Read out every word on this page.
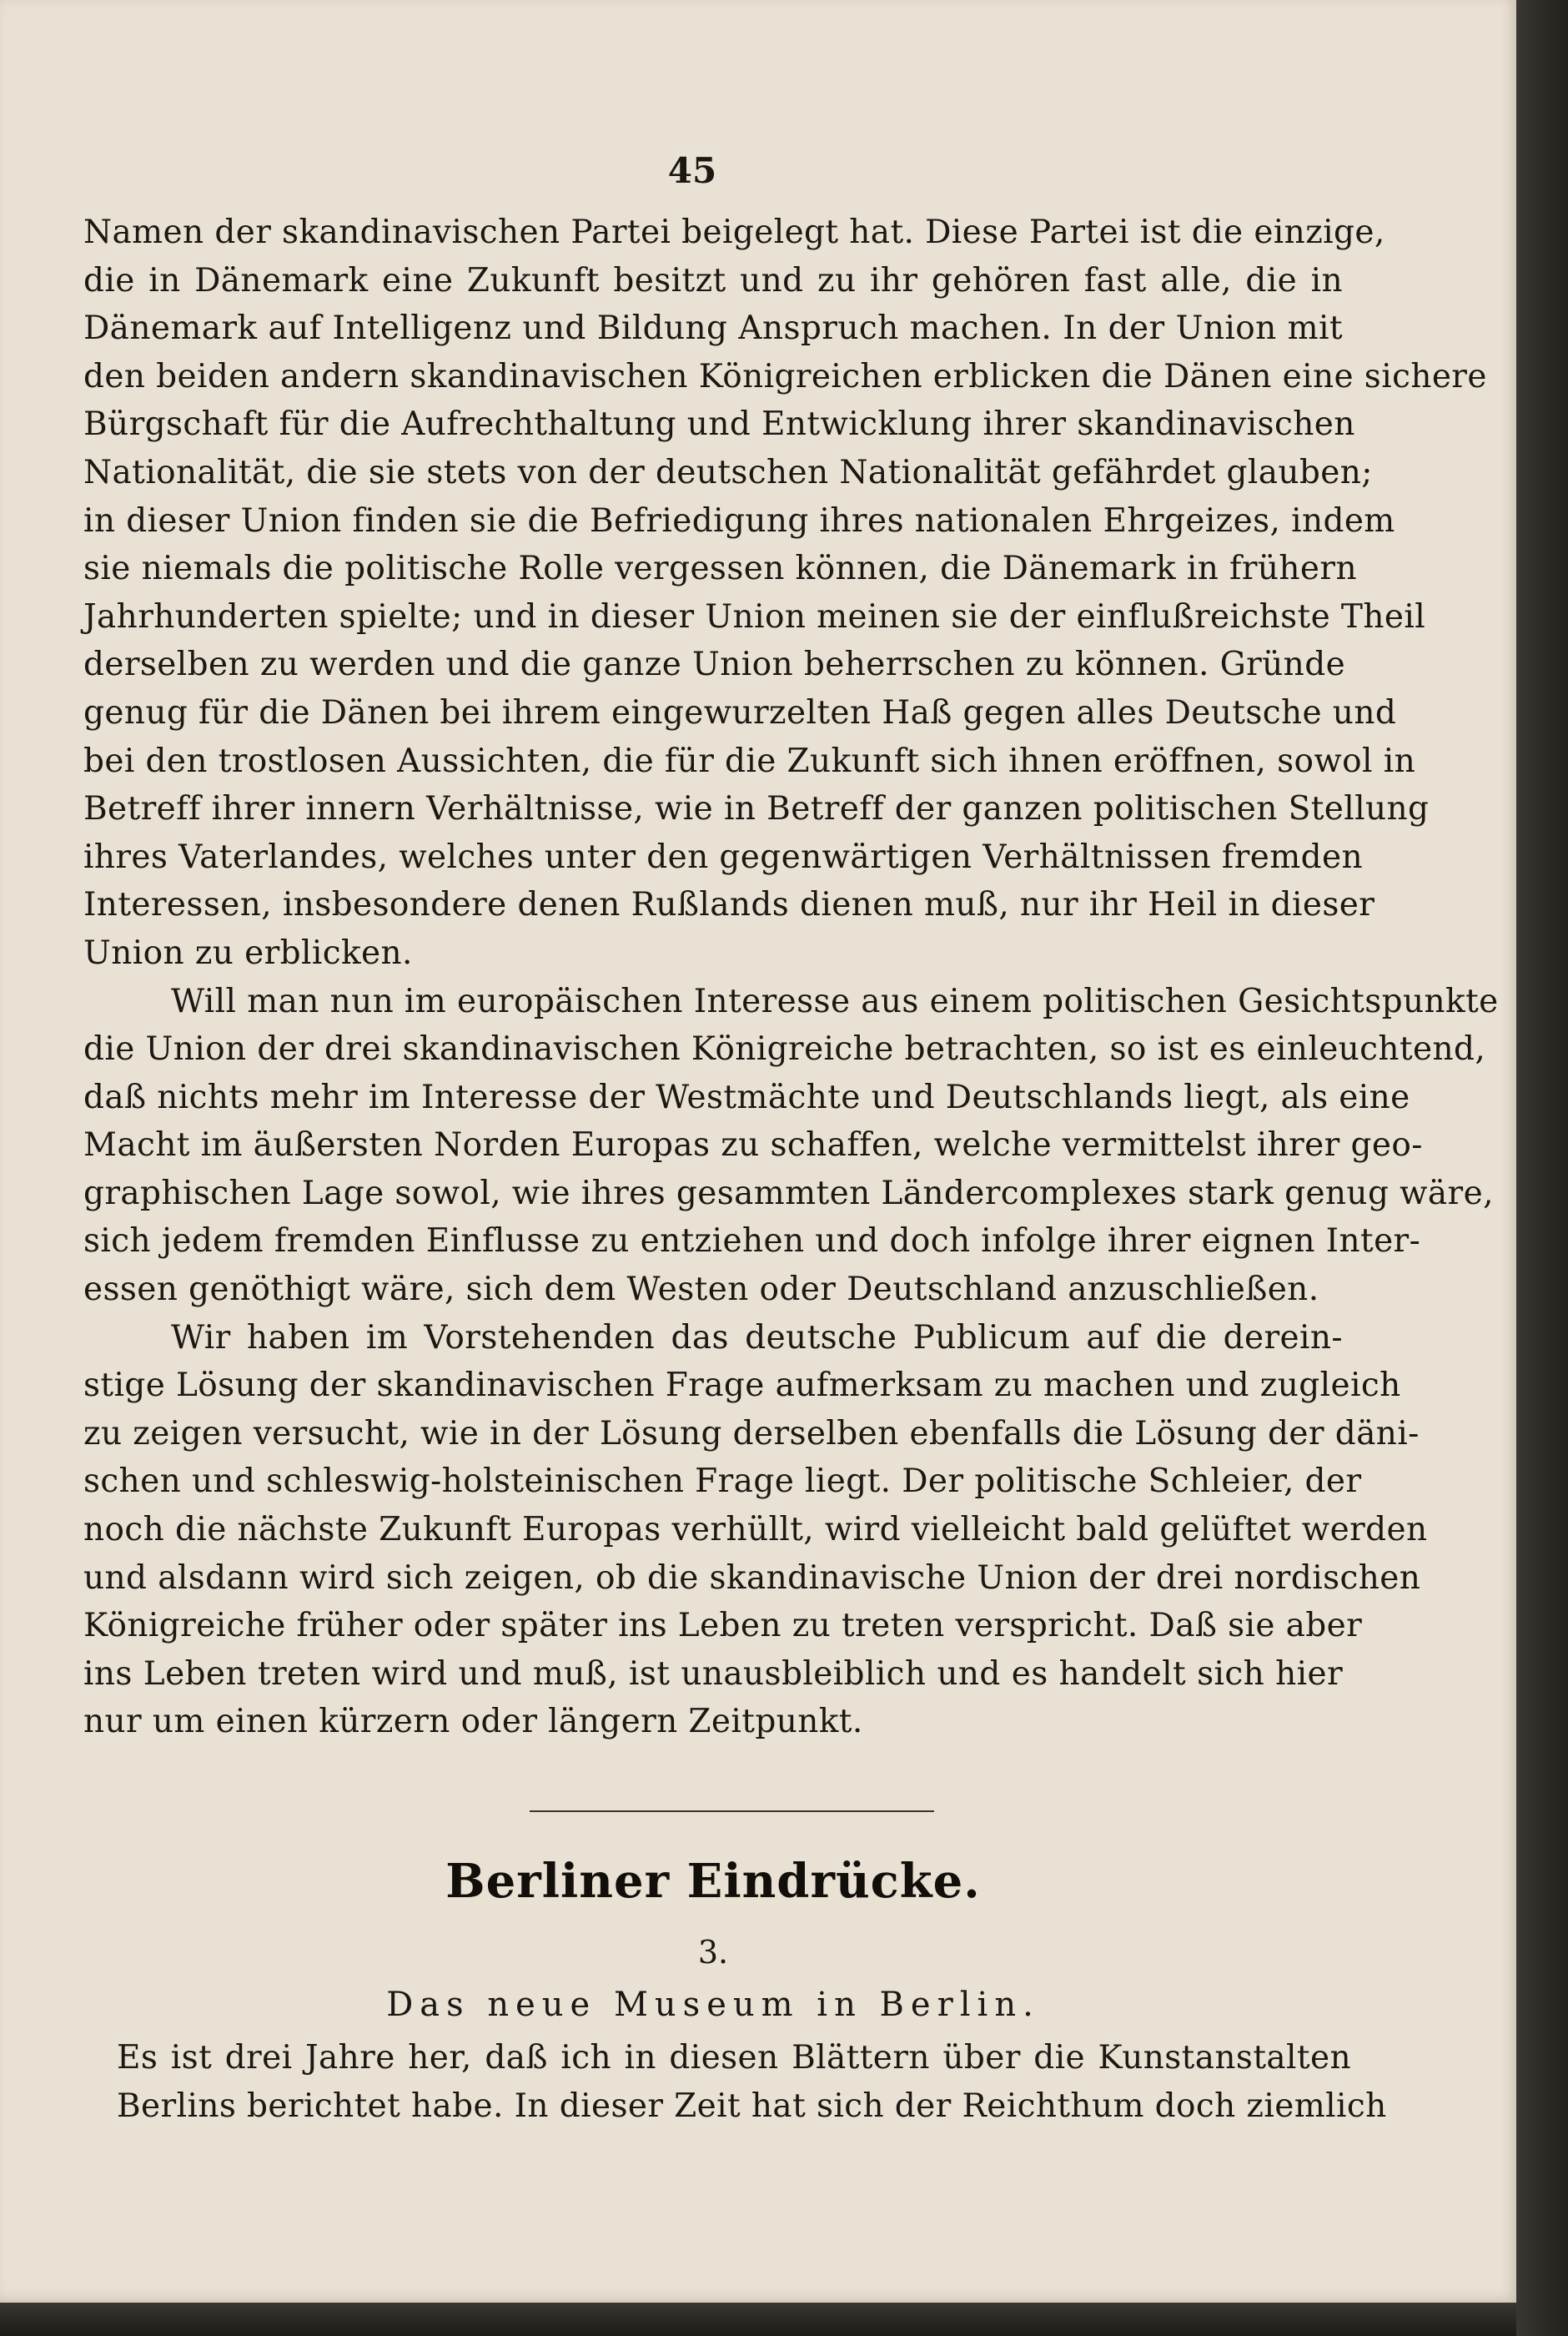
45
Namen der skandinavischen Partei beigelegt hat. Diese Partei ist die einzige,
die in Dänemark eine Zukunft besitzt und zu ihr gehören fast alle, die in
Dänemark auf Intelligenz und Bildung Anspruch machen. In der Union mit
den beiden andern skandinavischen Königreichen erblicken die Dänen eine sichere
Bürgschaft für die Aufrechthaltung und Entwicklung ihrer skandinavischen
Nationalität, die sie stets von der deutschen Nationalität gefährdet glauben;
in dieser Union finden sie die Befriedigung ihres nationalen Ehrgeizes, indem
sie niemals die politische Rolle vergessen können, die Dänemark in frühern
Jahrhunderten spielte; und in dieser Union meinen sie der einflußreichste Theil
derselben zu werden und die ganze Union beherrschen zu können. Gründe
genug für die Dänen bei ihrem eingewurzelten Haß gegen alles Deutsche und
bei den trostlosen Aussichten, die für die Zukunft sich ihnen eröffnen, sowol in
Betreff ihrer innern Verhältnisse, wie in Betreff der ganzen politischen Stellung
ihres Vaterlandes, welches unter den gegenwärtigen Verhältnissen fremden
Interessen, insbesondere denen Rußlands dienen muß, nur ihr Heil in dieser
Union zu erblicken.
Will man nun im europäischen Interesse aus einem politischen Gesichtspunkte
die Union der drei skandinavischen Königreiche betrachten, so ist es einleuchtend,
daß nichts mehr im Interesse der Westmächte und Deutschlands liegt, als eine
Macht im äußersten Norden Europas zu schaffen, welche vermittelst ihrer geo-
graphischen Lage sowol, wie ihres gesammten Ländercomplexes stark genug wäre,
sich jedem fremden Einflusse zu entziehen und doch infolge ihrer eignen Inter-
essen genöthigt wäre, sich dem Westen oder Deutschland anzuschließen.
Wir haben im Vorstehenden das deutsche Publicum auf die derein-
stige Lösung der skandinavischen Frage aufmerksam zu machen und zugleich
zu zeigen versucht, wie in der Lösung derselben ebenfalls die Lösung der däni-
schen und schleswig-holsteinischen Frage liegt. Der politische Schleier, der
noch die nächste Zukunft Europas verhüllt, wird vielleicht bald gelüftet werden
und alsdann wird sich zeigen, ob die skandinavische Union der drei nordischen
Königreiche früher oder später ins Leben zu treten verspricht. Daß sie aber
ins Leben treten wird und muß, ist unausbleiblich und es handelt sich hier
nur um einen kürzern oder längern Zeitpunkt.
Berliner Eindrücke.
3.
Das neue Museum in Berlin.
Es ist drei Jahre her, daß ich in diesen Blättern über die Kunstanstalten
Berlins berichtet habe. In dieser Zeit hat sich der Reichthum doch ziemlich
